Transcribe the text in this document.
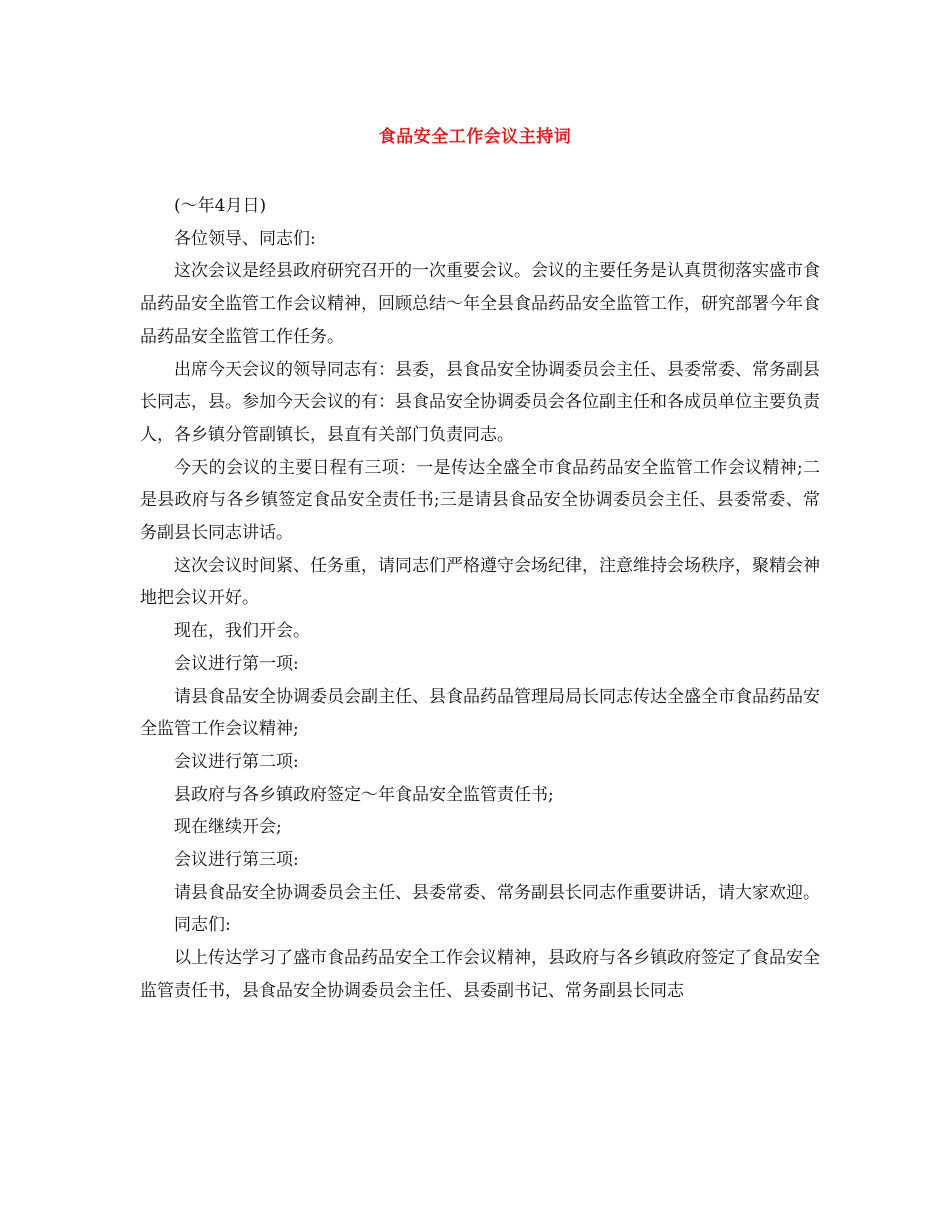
食品安全工作会议主持词

(～年4月日)

各位领导、同志们:

这次会议是经县政府研究召开的一次重要会议。会议的主要任务是认真贯彻落实盛市食品药品安全监管工作会议精神，回顾总结～年全县食品药品安全监管工作，研究部署今年食品药品安全监管工作任务。

出席今天会议的领导同志有：县委，县食品安全协调委员会主任、县委常委、常务副县长同志，县。参加今天会议的有：县食品安全协调委员会各位副主任和各成员单位主要负责人，各乡镇分管副镇长，县直有关部门负责同志。

今天的会议的主要日程有三项：一是传达全盛全市食品药品安全监管工作会议精神;二是县政府与各乡镇签定食品安全责任书;三是请县食品安全协调委员会主任、县委常委、常务副县长同志讲话。

这次会议时间紧、任务重，请同志们严格遵守会场纪律，注意维持会场秩序，聚精会神地把会议开好。

现在，我们开会。

会议进行第一项:

请县食品安全协调委员会副主任、县食品药品管理局局长同志传达全盛全市食品药品安全监管工作会议精神;

会议进行第二项:

县政府与各乡镇政府签定～年食品安全监管责任书;

现在继续开会;

会议进行第三项:

请县食品安全协调委员会主任、县委常委、常务副县长同志作重要讲话，请大家欢迎。

同志们:

以上传达学习了盛市食品药品安全工作会议精神，县政府与各乡镇政府签定了食品安全监管责任书，县食品安全协调委员会主任、县委副书记、常务副县长同志
